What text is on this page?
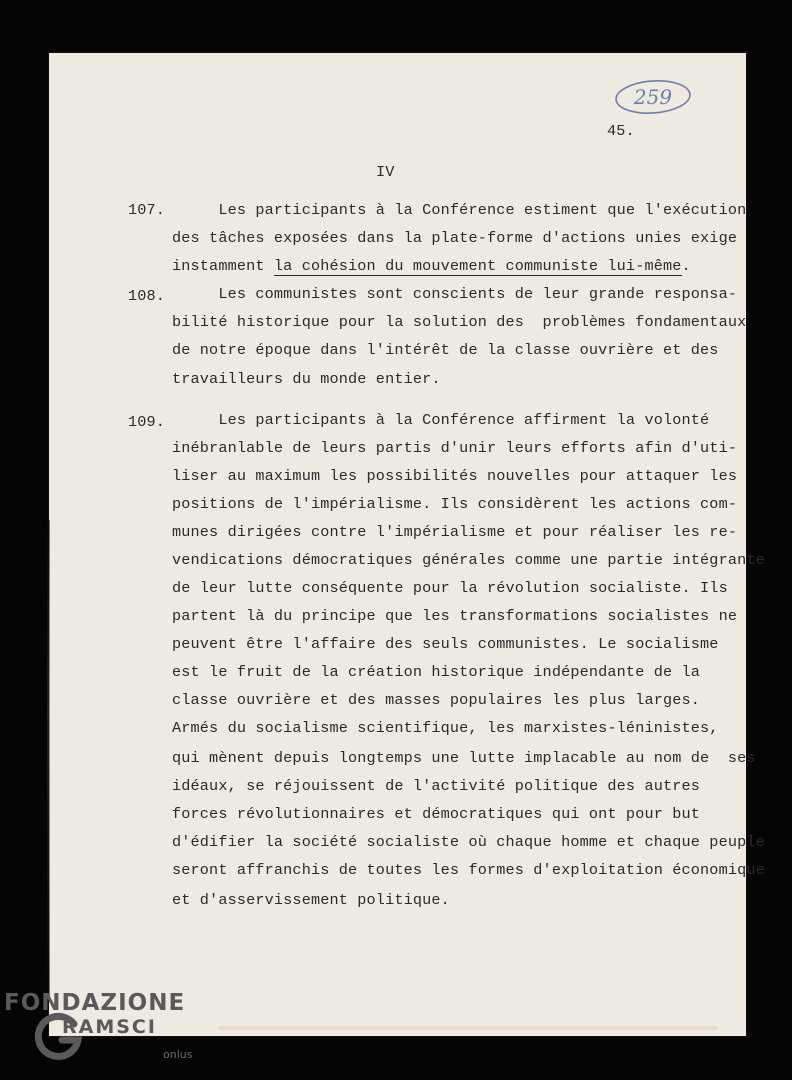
259
45.
IV
107. Les participants à la Conférence estiment que l'exécution
des tâches exposées dans la plate-forme d'actions unies exige
instamment la cohésion du mouvement communiste lui-même.
108. Les communistes sont conscients de leur grande responsa-
bilité historique pour la solution des  problèmes fondamentaux
de notre époque dans l'intérêt de la classe ouvrière et des
travailleurs du monde entier.
109. Les participants à la Conférence affirment la volonté
inébranlable de leurs partis d'unir leurs efforts afin d'uti-
liser au maximum les possibilités nouvelles pour attaquer les
positions de l'impérialisme. Ils considèrent les actions com-
munes dirigées contre l'impérialisme et pour réaliser les re-
vendications démocratiques générales comme une partie intégrante
de leur lutte conséquente pour la révolution socialiste. Ils
partent là du principe que les transformations socialistes ne
peuvent être l'affaire des seuls communistes. Le socialisme
est le fruit de la création historique indépendante de la
classe ouvrière et des masses populaires les plus larges.
Armés du socialisme scientifique, les marxistes-léninistes,
qui mènent depuis longtemps une lutte implacable au nom de  ses
idéaux, se réjouissent de l'activité politique des autres
forces révolutionnaires et démocratiques qui ont pour but
d'édifier la société socialiste où chaque homme et chaque peuple
seront affranchis de toutes les formes d'exploitation économique
et d'asservissement politique.
FONDAZIONE
RAMSCI
onlus
